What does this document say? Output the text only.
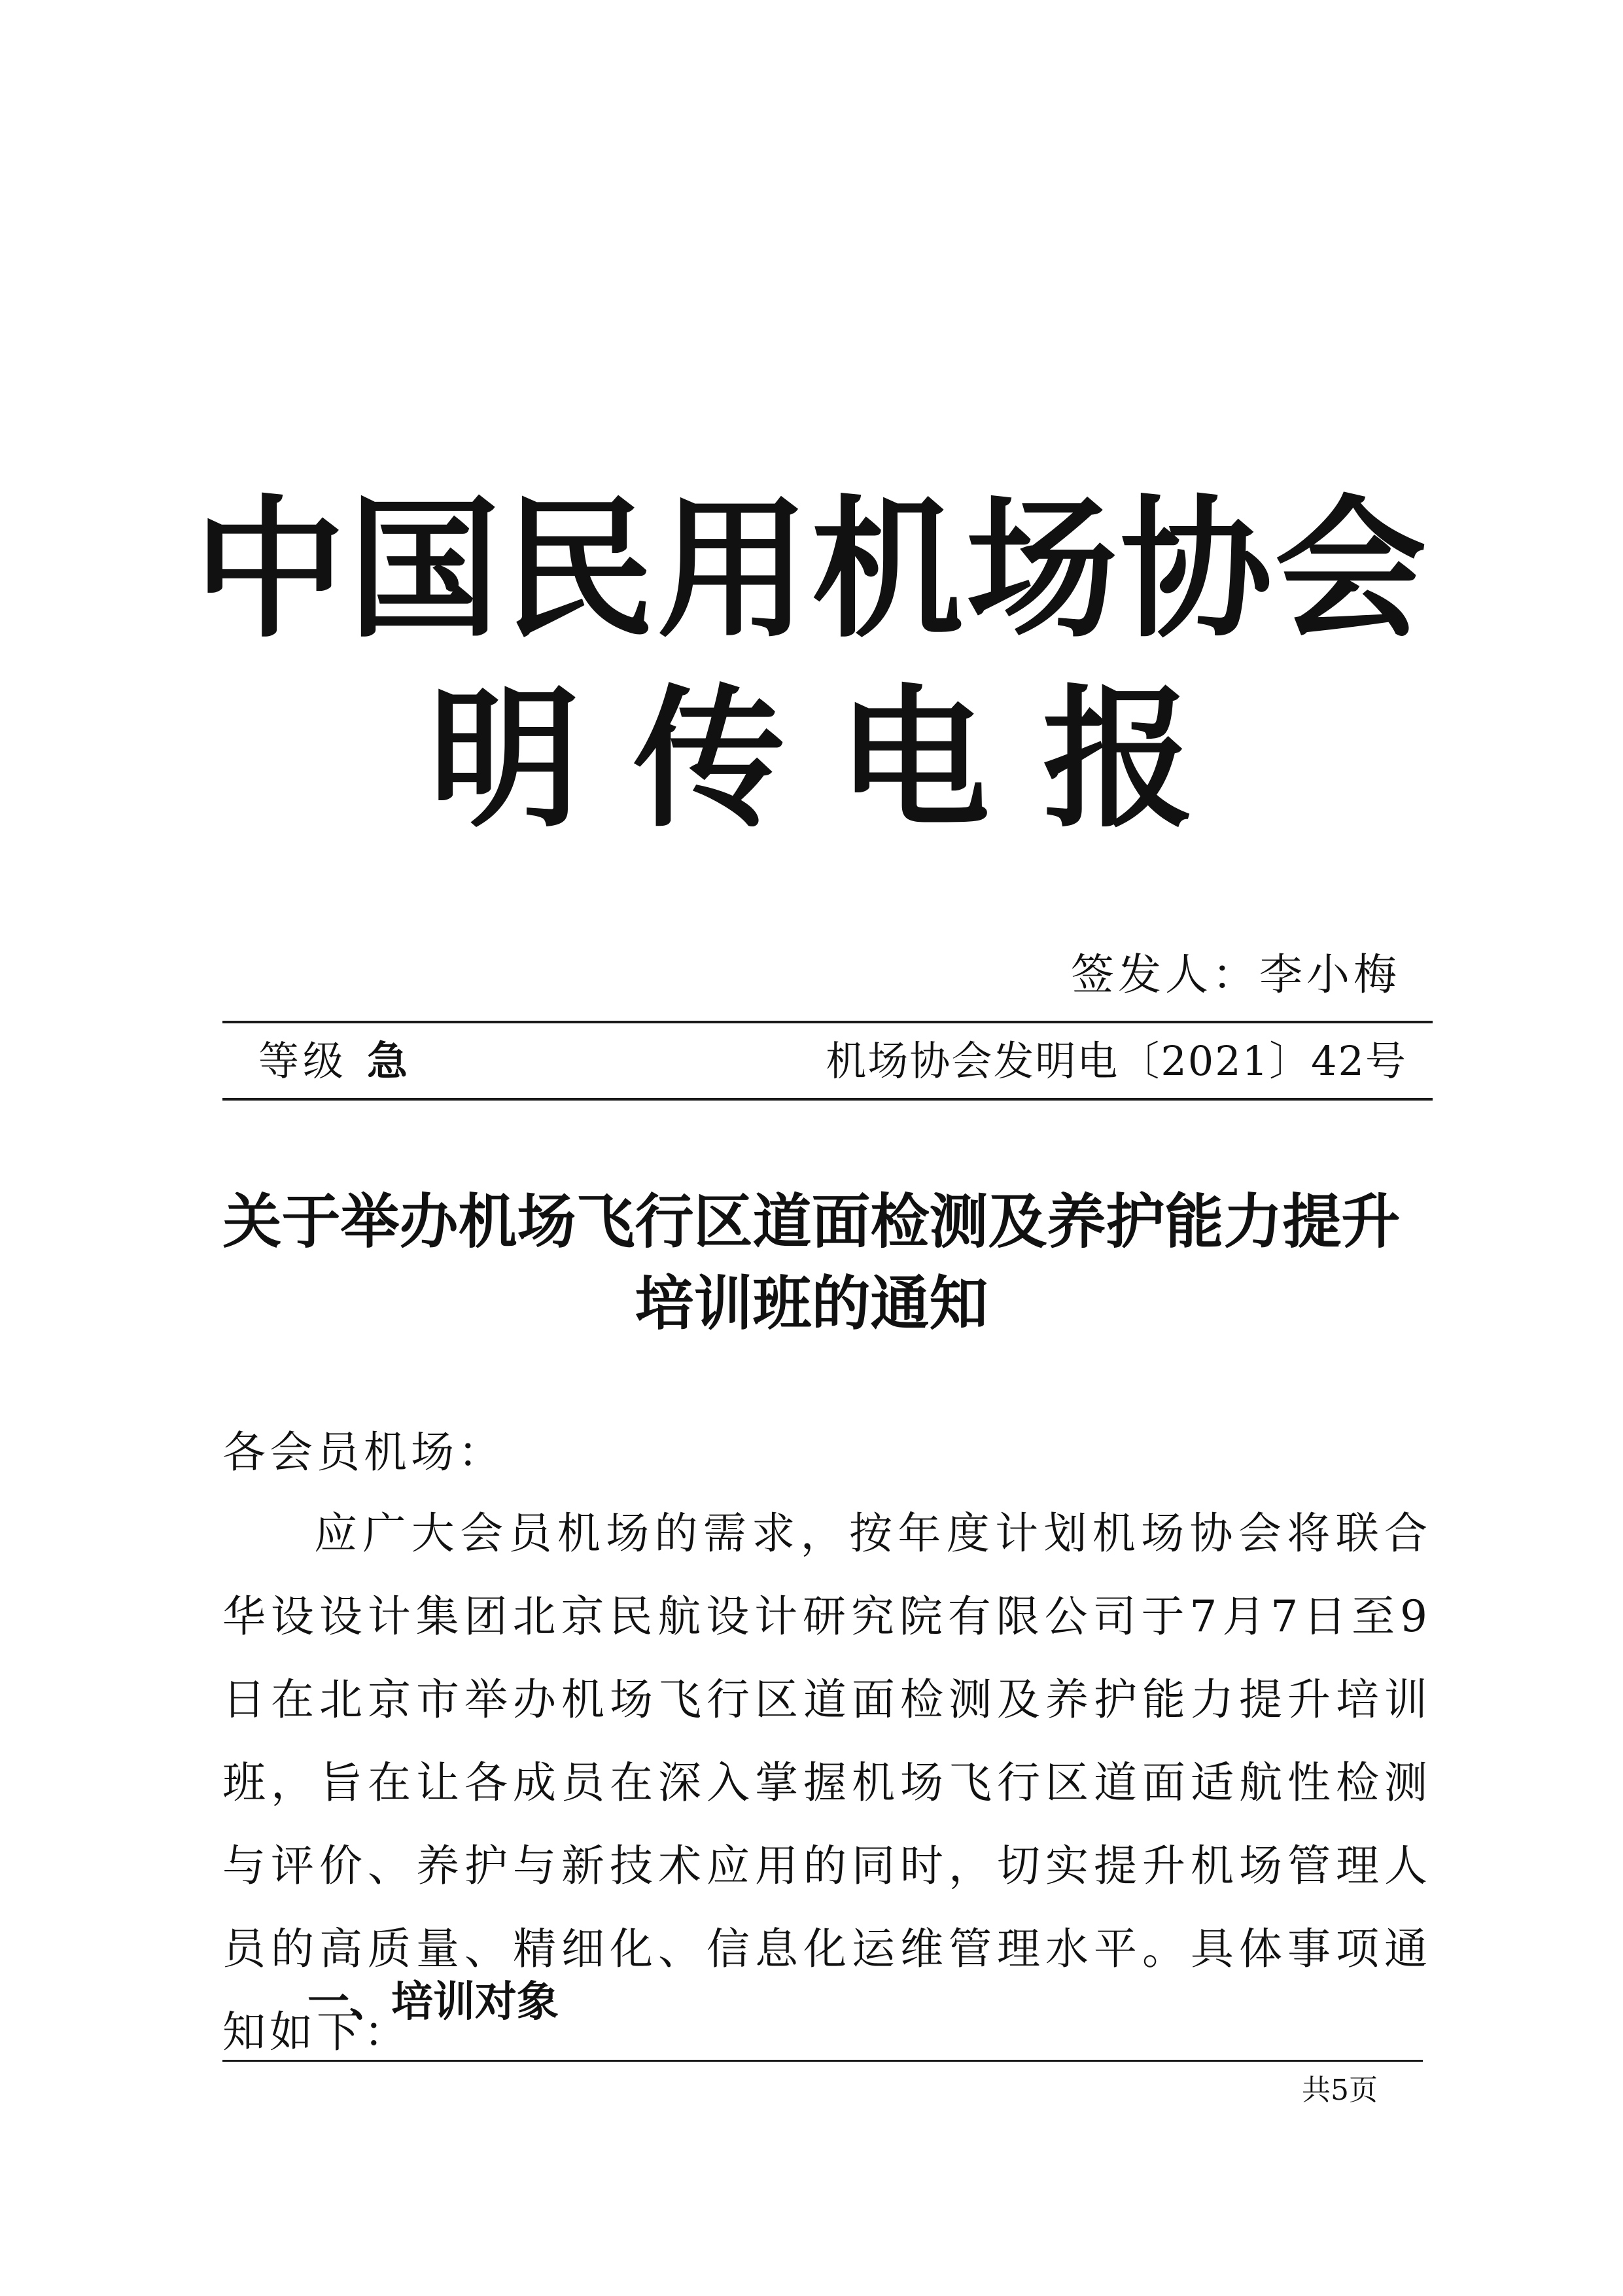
中国民用机场协会
明 传 电 报
签发人：李小梅
等级 急	机场协会发明电〔2021〕42号
关于举办机场飞行区道面检测及养护能力提升培训班的通知
各会员机场：
应广大会员机场的需求，按年度计划机场协会将联合华设设计集团北京民航设计研究院有限公司于7月7日至9日在北京市举办机场飞行区道面检测及养护能力提升培训班，旨在让各成员在深入掌握机场飞行区道面适航性检测与评价、养护与新技术应用的同时，切实提升机场管理人员的高质量、精细化、信息化运维管理水平。具体事项通知如下：
一、培训对象
共5页
